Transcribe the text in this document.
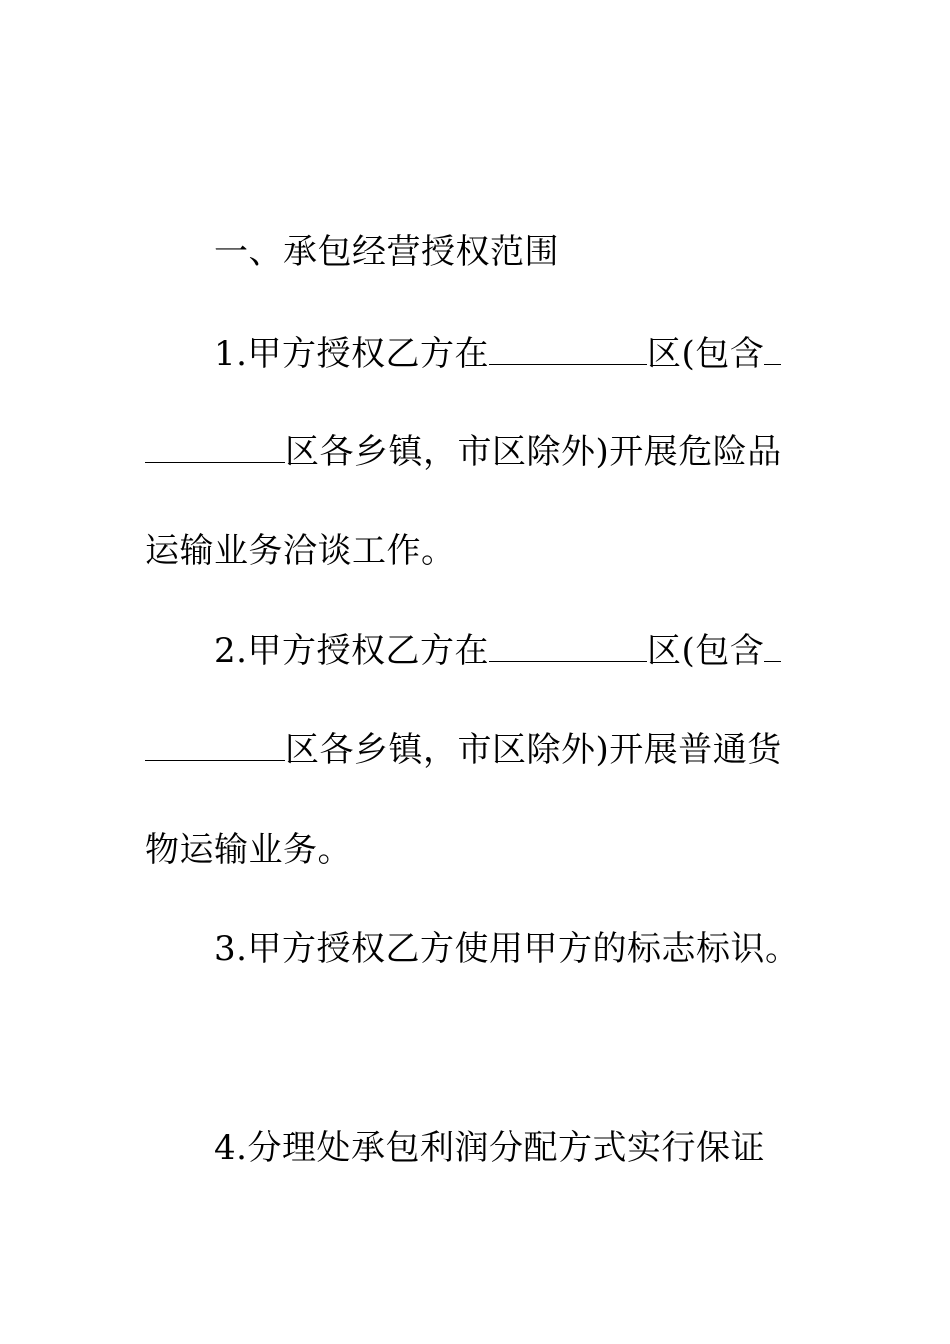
一、承包经营授权范围
1.甲方授权乙方在	区(包含
区各乡镇，市区除外)开展危险品
运输业务洽谈工作。
2.甲方授权乙方在	区(包含
区各乡镇，市区除外)开展普通货
物运输业务。
3.甲方授权乙方使用甲方的标志标识。
4.分理处承包利润分配方式实行保证
